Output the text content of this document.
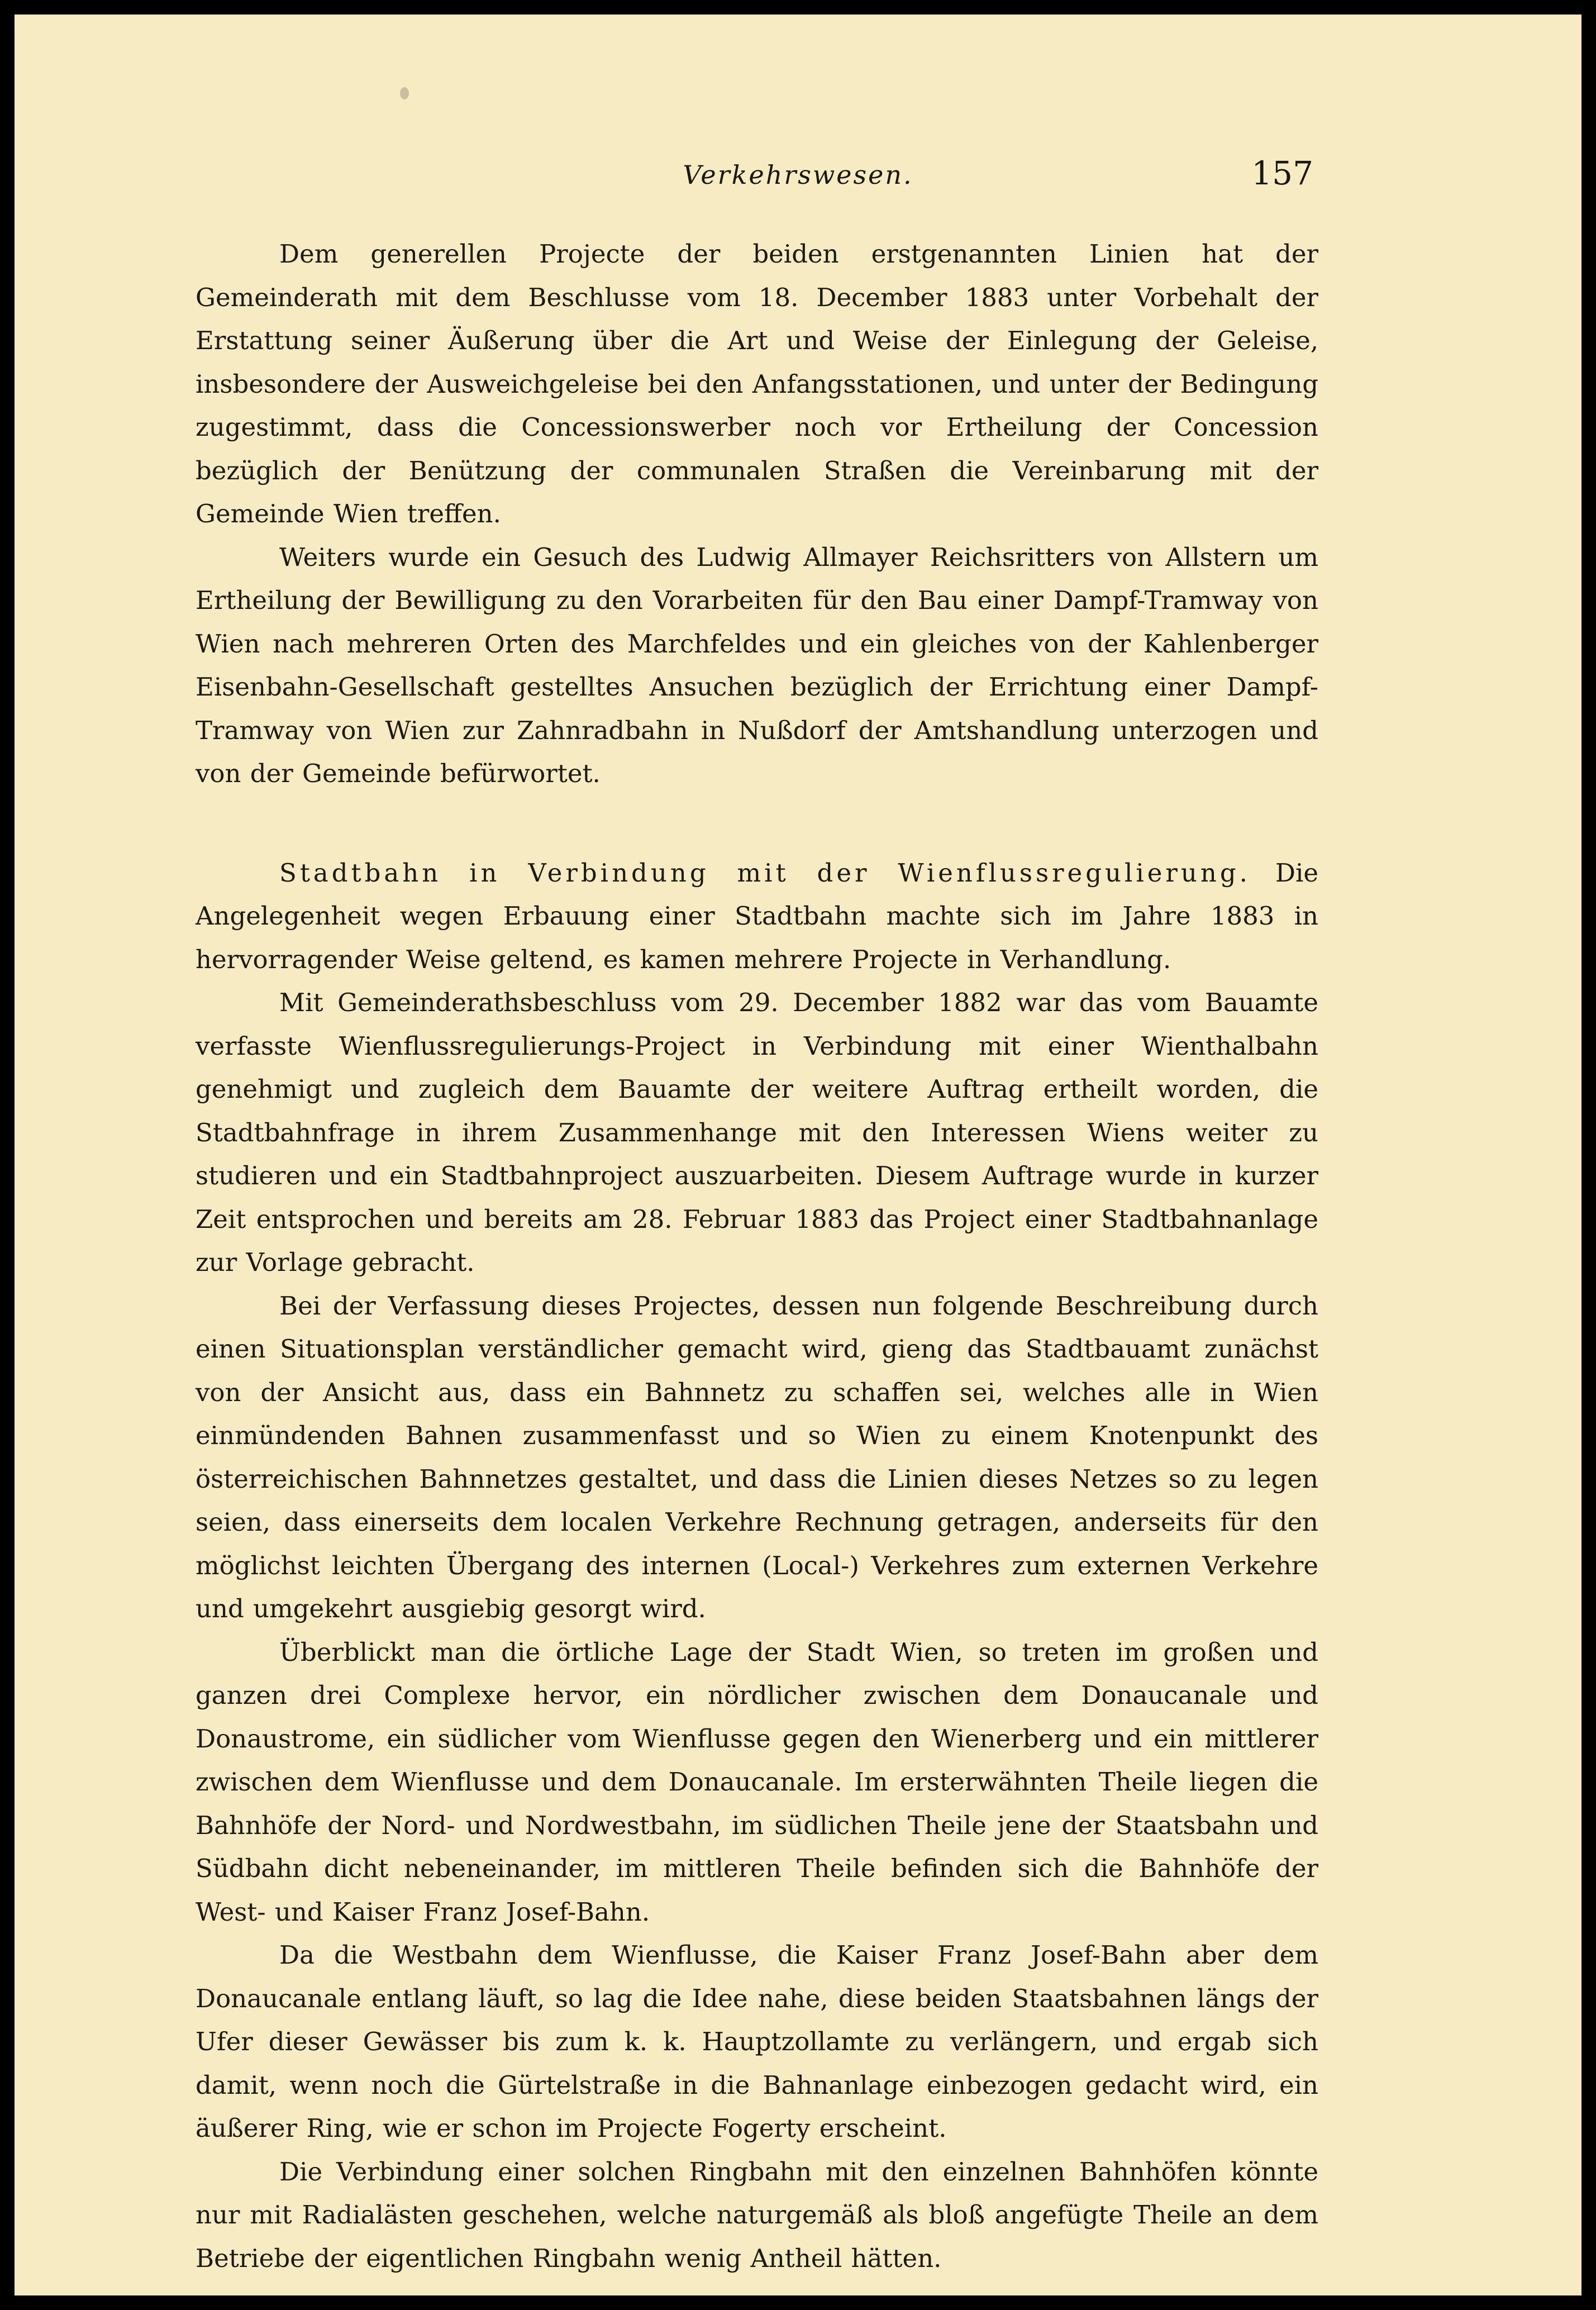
Verkehrswesen.	157

Dem generellen Projecte der beiden erstgenannten Linien hat der Gemeinderath mit dem Beschlusse vom 18. December 1883 unter Vorbehalt der Erstattung seiner Äußerung über die Art und Weise der Einlegung der Geleise, insbesondere der Ausweichgeleise bei den Anfangsstationen, und unter der Bedingung zugestimmt, dass die Concessionswerber noch vor Ertheilung der Concession bezüglich der Benützung der communalen Straßen die Vereinbarung mit der Gemeinde Wien treffen.

Weiters wurde ein Gesuch des Ludwig Allmayer Reichsritters von Allstern um Ertheilung der Bewilligung zu den Vorarbeiten für den Bau einer Dampf-Tramway von Wien nach mehreren Orten des Marchfeldes und ein gleiches von der Kahlenberger Eisenbahn-Gesellschaft gestelltes Ansuchen bezüglich der Errichtung einer Dampf-Tramway von Wien zur Zahnradbahn in Nußdorf der Amtshandlung unterzogen und von der Gemeinde befürwortet.

Stadtbahn in Verbindung mit der Wienflussregulierung. Die Angelegenheit wegen Erbauung einer Stadtbahn machte sich im Jahre 1883 in hervorragender Weise geltend, es kamen mehrere Projecte in Verhandlung.

Mit Gemeinderathsbeschluss vom 29. December 1882 war das vom Bauamte verfasste Wienflussregulierungs-Project in Verbindung mit einer Wienthalbahn genehmigt und zugleich dem Bauamte der weitere Auftrag ertheilt worden, die Stadtbahnfrage in ihrem Zusammenhange mit den Interessen Wiens weiter zu studieren und ein Stadtbahnproject auszuarbeiten. Diesem Auftrage wurde in kurzer Zeit entsprochen und bereits am 28. Februar 1883 das Project einer Stadtbahnanlage zur Vorlage gebracht.

Bei der Verfassung dieses Projectes, dessen nun folgende Beschreibung durch einen Situationsplan verständlicher gemacht wird, gieng das Stadtbauamt zunächst von der Ansicht aus, dass ein Bahnnetz zu schaffen sei, welches alle in Wien einmündenden Bahnen zusammenfasst und so Wien zu einem Knotenpunkt des österreichischen Bahnnetzes gestaltet, und dass die Linien dieses Netzes so zu legen seien, dass einerseits dem localen Verkehre Rechnung getragen, anderseits für den möglichst leichten Übergang des internen (Local-) Verkehres zum externen Verkehre und umgekehrt ausgiebig gesorgt wird.

Überblickt man die örtliche Lage der Stadt Wien, so treten im großen und ganzen drei Complexe hervor, ein nördlicher zwischen dem Donaucanale und Donaustrome, ein südlicher vom Wienflusse gegen den Wienerberg und ein mittlerer zwischen dem Wienflusse und dem Donaucanale. Im ersterwähnten Theile liegen die Bahnhöfe der Nord- und Nordwestbahn, im südlichen Theile jene der Staatsbahn und Südbahn dicht nebeneinander, im mittleren Theile befinden sich die Bahnhöfe der West- und Kaiser Franz Josef-Bahn.

Da die Westbahn dem Wienflusse, die Kaiser Franz Josef-Bahn aber dem Donaucanale entlang läuft, so lag die Idee nahe, diese beiden Staatsbahnen längs der Ufer dieser Gewässer bis zum k. k. Hauptzollamte zu verlängern, und ergab sich damit, wenn noch die Gürtelstraße in die Bahnanlage einbezogen gedacht wird, ein äußerer Ring, wie er schon im Projecte Fogerty erscheint.

Die Verbindung einer solchen Ringbahn mit den einzelnen Bahnhöfen könnte nur mit Radialästen geschehen, welche naturgemäß als bloß angefügte Theile an dem Betriebe der eigentlichen Ringbahn wenig Antheil hätten.
